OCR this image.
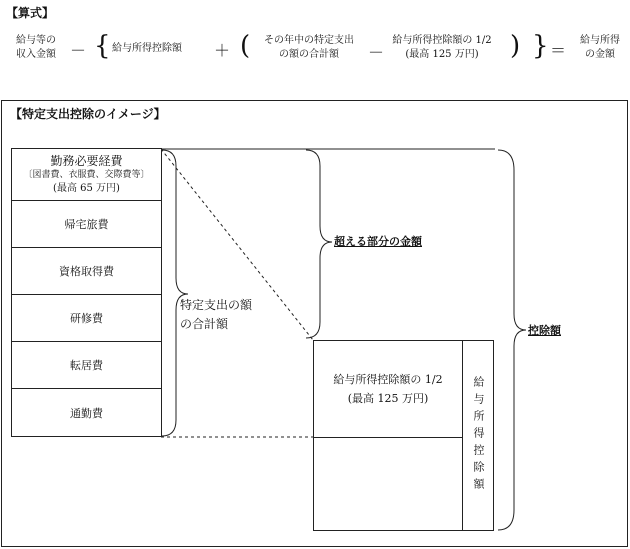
【算式】
給与等の
収入金額 － { 給与所得控除額 ＋ (	その年中の特定支出
の額の合計額	－
給与所得控除額の 1/2
(最高 125 万円)	) } ＝
給与所得
の金額
【特定支出控除のイメージ】
勤務必要経費
〔図書費、衣服費、交際費等〕
(最高 65 万円)
帰宅旅費
資格取得費
研修費
転居費
通勤費
特定支出の額
の合計額
超える部分の金額
給与所得控除額の 1/2
(最高 125 万円)	給与所得控除額
控除額
